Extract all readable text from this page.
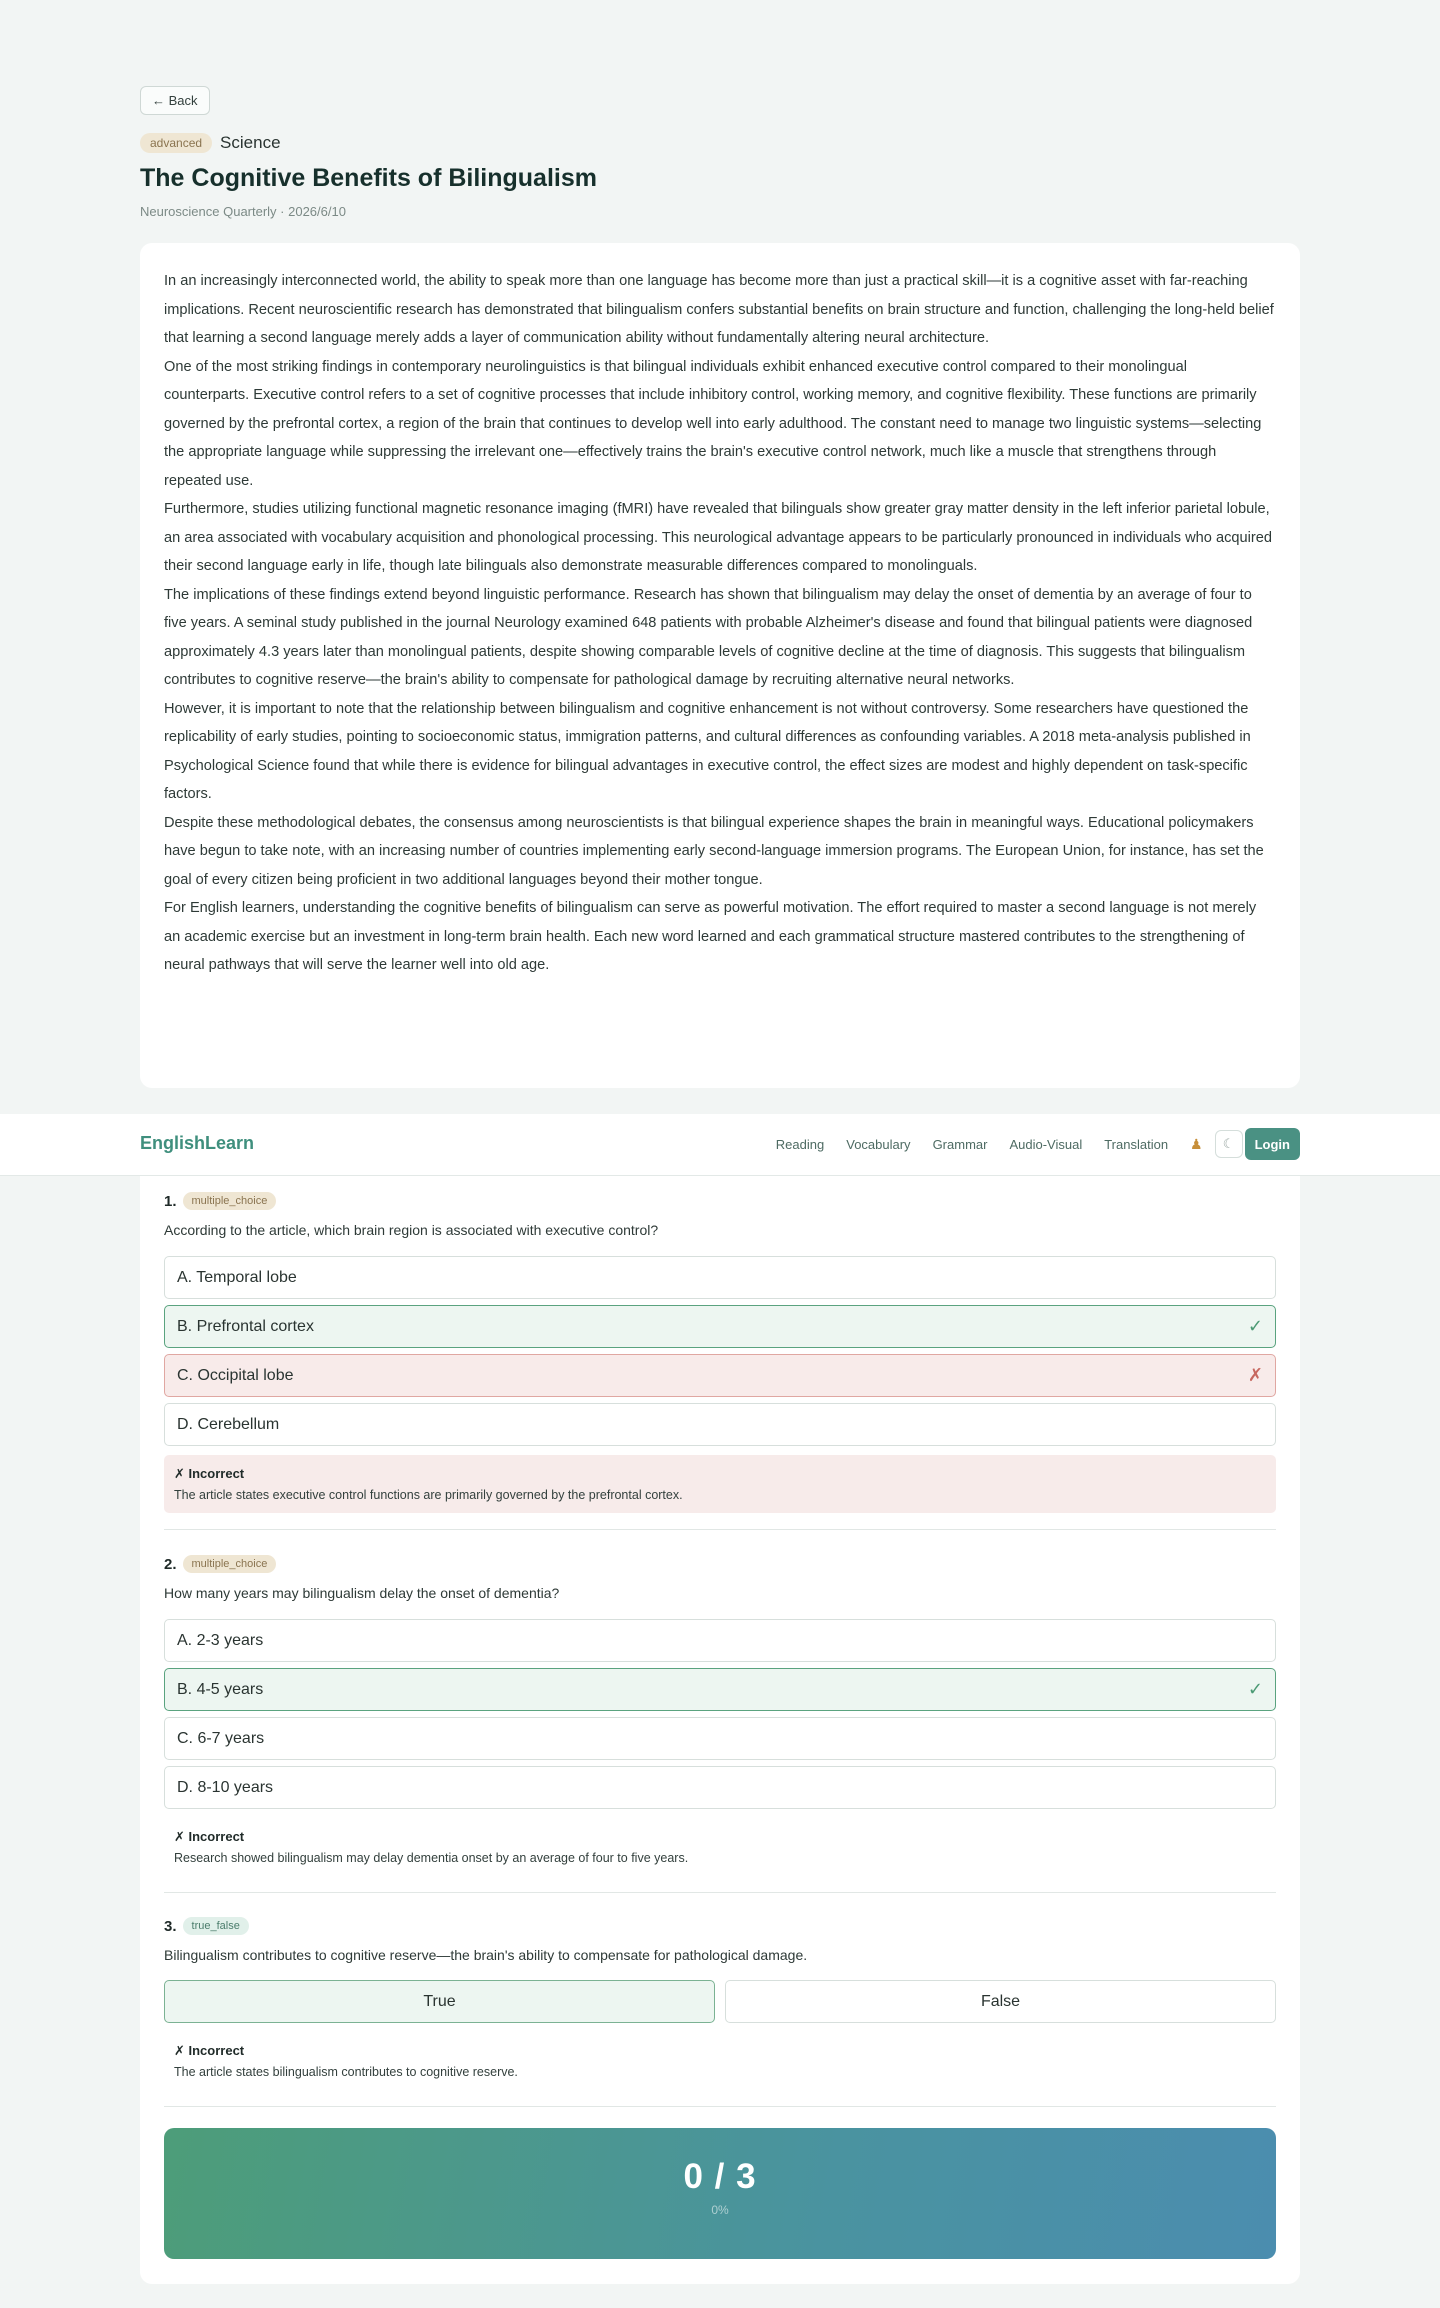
← Back
advanced	Science
The Cognitive Benefits of Bilingualism
Neuroscience Quarterly · 2026/6/10

In an increasingly interconnected world, the ability to speak more than one language has become more than just a practical skill—it is a cognitive asset with far-reaching implications. Recent neuroscientific research has demonstrated that bilingualism confers substantial benefits on brain structure and function, challenging the long-held belief that learning a second language merely adds a layer of communication ability without fundamentally altering neural architecture.

One of the most striking findings in contemporary neurolinguistics is that bilingual individuals exhibit enhanced executive control compared to their monolingual counterparts. Executive control refers to a set of cognitive processes that include inhibitory control, working memory, and cognitive flexibility. These functions are primarily governed by the prefrontal cortex, a region of the brain that continues to develop well into early adulthood. The constant need to manage two linguistic systems—selecting the appropriate language while suppressing the irrelevant one—effectively trains the brain's executive control network, much like a muscle that strengthens through repeated use.

Furthermore, studies utilizing functional magnetic resonance imaging (fMRI) have revealed that bilinguals show greater gray matter density in the left inferior parietal lobule, an area associated with vocabulary acquisition and phonological processing. This neurological advantage appears to be particularly pronounced in individuals who acquired their second language early in life, though late bilinguals also demonstrate measurable differences compared to monolinguals.

The implications of these findings extend beyond linguistic performance. Research has shown that bilingualism may delay the onset of dementia by an average of four to five years. A seminal study published in the journal Neurology examined 648 patients with probable Alzheimer's disease and found that bilingual patients were diagnosed approximately 4.3 years later than monolingual patients, despite showing comparable levels of cognitive decline at the time of diagnosis. This suggests that bilingualism contributes to cognitive reserve—the brain's ability to compensate for pathological damage by recruiting alternative neural networks.

However, it is important to note that the relationship between bilingualism and cognitive enhancement is not without controversy. Some researchers have questioned the replicability of early studies, pointing to socioeconomic status, immigration patterns, and cultural differences as confounding variables. A 2018 meta-analysis published in Psychological Science found that while there is evidence for bilingual advantages in executive control, the effect sizes are modest and highly dependent on task-specific factors.

Despite these methodological debates, the consensus among neuroscientists is that bilingual experience shapes the brain in meaningful ways. Educational policymakers have begun to take note, with an increasing number of countries implementing early second-language immersion programs. The European Union, for instance, has set the goal of every citizen being proficient in two additional languages beyond their mother tongue.

For English learners, understanding the cognitive benefits of bilingualism can serve as powerful motivation. The effort required to master a second language is not merely an academic exercise but an investment in long-term brain health. Each new word learned and each grammatical structure mastered contributes to the strengthening of neural pathways that will serve the learner well into old age.

EnglishLearn	Reading Vocabulary Grammar Audio-Visual Translation ♟	☾	Login
1.	multiple_choice
According to the article, which brain region is associated with executive control?
A. Temporal lobe
B. Prefrontal cortex	✓
C. Occipital lobe	✗
D. Cerebellum
✗ Incorrect
The article states executive control functions are primarily governed by the prefrontal cortex.
2.	multiple_choice
How many years may bilingualism delay the onset of dementia?
A. 2-3 years
B. 4-5 years	✓
C. 6-7 years
D. 8-10 years
✗ Incorrect
Research showed bilingualism may delay dementia onset by an average of four to five years.
3.	true_false
Bilingualism contributes to cognitive reserve—the brain's ability to compensate for pathological damage.
True	False
✗ Incorrect
The article states bilingualism contributes to cognitive reserve.
0 / 3
0%
